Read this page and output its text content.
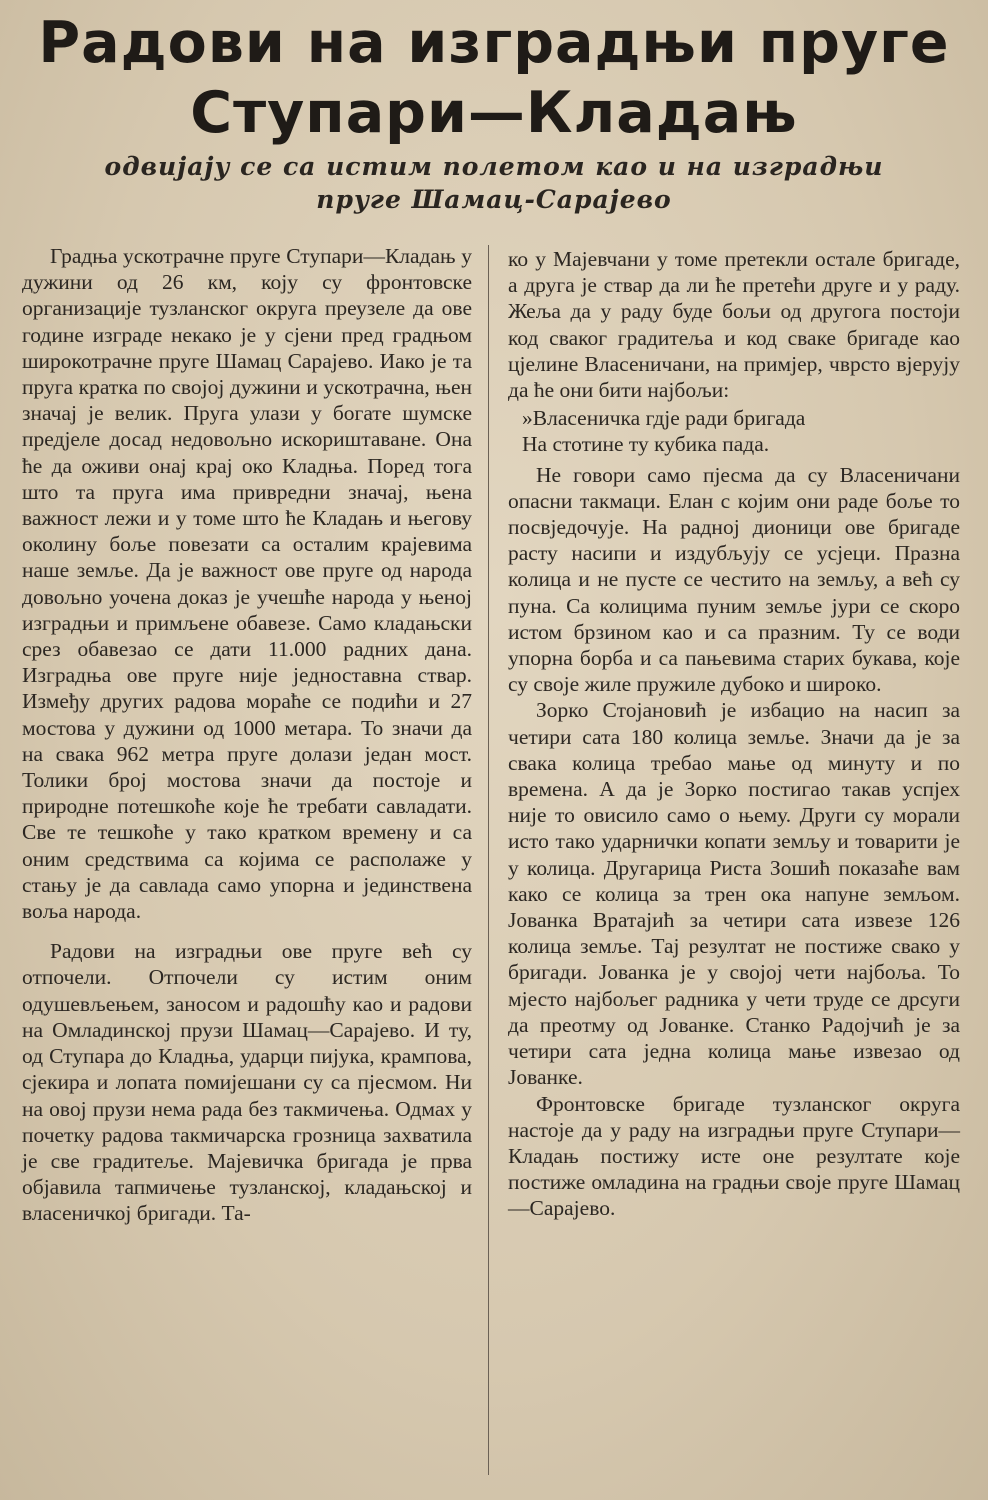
Радови на изградњи пруге Ступари—Кладањ
одвијају се са истим полетом као и на изградњи пруге Шамац-Сарајево

Градња ускотрачне пруге Ступари—Кладањ у дужини од 26 км, коју су фронтовске организације тузланског округа преузеле да ове године изграде некако је у сјени пред градњом широкотрачне пруге Шамац Сарајево. Иако је та пруга кратка по својој дужини и ускотрачна, њен значај је велик. Пруга улази у богате шумске предјеле досад недовољно искориштаване. Она ће да оживи онај крај око Кладња. Поред тога што та пруга има привредни значај, њена важност лежи и у томе што ће Кладањ и његову околину боље повезати са осталим крајевима наше земље. Да је важност ове пруге од народа довољно уочена доказ је учешће народа у њеној изградњи и примљене обавезе. Само кладањски срез обавезао се дати 11.000 радних дана. Изградња ове пруге није једноставна ствар. Између других радова мораће се подићи и 27 мостова у дужини од 1000 метара. То значи да на свака 962 метра пруге долази један мост. Толики број мостова значи да постоје и природне потешкоће које ће требати савладати. Све те тешкоће у тако кратком времену и са оним средствима са којима се располаже у стању је да савлада само упорна и јединствена воља народа.

Радови на изградњи ове пруге већ су отпочели. Отпочели су истим оним одушевљењем, заносом и радошћу као и радови на Омладинској прузи Шамац—Сарајево. И ту, од Ступара до Кладња, ударци пијука, крампова, сјекира и лопата помијешани су са пјесмом. Ни на овој прузи нема рада без такмичења. Одмах у почетку радова такмичарска грозница захватила је све градитеље. Мајевичка бригада је прва објавила тапмичење тузланској, кладањској и власеничкој бригади. Та-

ко у Мајевчани у томе претекли остале бригаде, а друга је ствар да ли ће претећи друге и у раду. Жеља да у раду буде бољи од другога постоји код сваког градитеља и код сваке бригаде као цјелине Власеничани, на примјер, чврсто вјерују да ће они бити најбољи:

»Власеничка гдје ради бригада
На стотине ту кубика пада.

Не говори само пјесма да су Власеничани опасни такмаци. Елан с којим они раде боље то посвједочује. На радној дионици ове бригаде расту насипи и издубљују се усјеци. Празна колица и не пусте се честито на земљу, а већ су пуна. Са колицима пуним земље јури се скоро истом брзином као и са празним. Ту се води упорна борба и са пањевима старих букава, које су своје жиле пружиле дубоко и широко.

Зорко Стојановић је избацио на насип за четири сата 180 колица земље. Значи да је за свака колица требао мање од минуту и по времена. А да је Зорко постигао такав успјех није то овисило само о њему. Други су морали исто тако ударнички копати земљу и товарити је у колица. Другарица Риста Зошић показаће вам како се колица за трен ока напуне земљом. Јованка Вратајић за четири сата извезе 126 колица земље. Тај резултат не постиже свако у бригади. Јованка је у својој чети најбоља. То мјесто најбољег радника у чети труде се дрсуги да преотму од Јованке. Станко Радојчић је за четири сата једна колица мање извезао од Јованке.

Фронтовске бригаде тузланског округа настоје да у раду на изградњи пруге Ступари—Кладањ постижу исте оне резултате које постиже омладина на градњи своје пруге Шамац—Сарајево.
